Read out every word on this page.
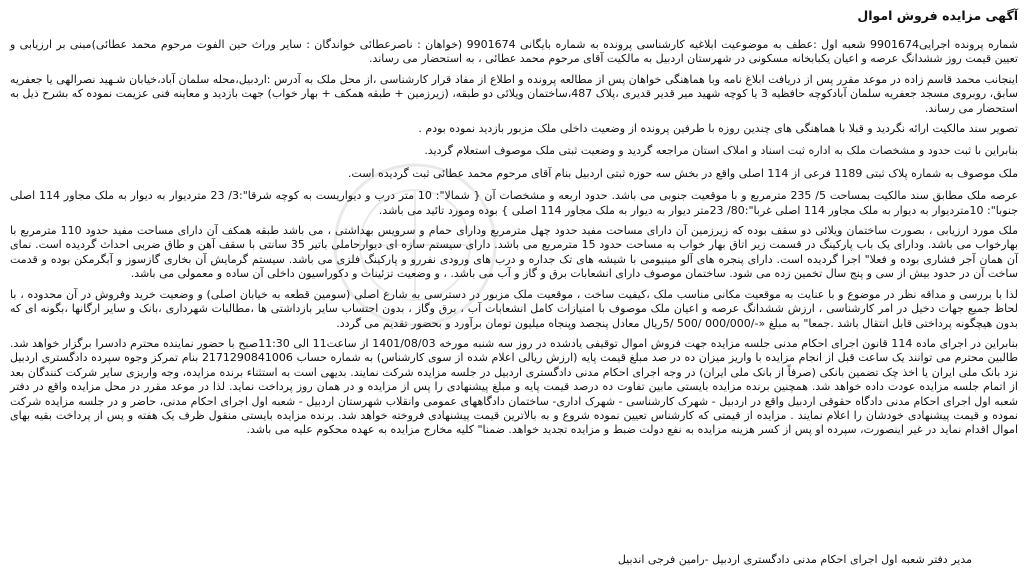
آگهی مزایده فروش اموال

شماره پرونده اجرایی9901674 شعبه اول :عطف به موضوعیت ابلاغیه کارشناسی پرونده به شماره بایگانی 9901674 (خواهان : ناصرعطائی خواندگان : سایر وراث حین الفوت مرحوم محمد عطائی)مبنی بر ارزیابی و تعیین قیمت روز ششدانگ عرصه و اعیان یکبابخانه مسکونی در شهرستان اردبیل به مالکیت آقای مرحوم محمد عطائی ، به استحضار می رساند.

اینجانب محمد قاسم زاده در موعد مقرر پس از دریافت ابلاغ نامه وبا هماهنگی خواهان پس از مطالعه پرونده و اطلاع از مفاد قرار کارشناسی ،از محل ملک به آدرس :اردبیل،محله سلمان آباد،خیابان شـهید نصرالهی یا جعفریه سابق، روبروی مسجد جعفریه سلمان آبادکوچه حافظیه 3 یا کوچه شهید میر قدیر قدیری ،پلاک 487،ساختمان ویلائی دو طبقه، (زیرزمین + طبقه همکف + بهار خواب) جهت بازدید و معاینه فنی عزیمت نموده که بشرح ذیل به استحضار می رساند.

تصویر سند مالکیت ارائه نگردید و قبلا با هماهنگی های چندین روزه با طرفین پرونده از وضعیت داخلی ملک مزبور بازدید نموده بودم .

بنابراین با ثبت حدود و مشخصات ملک به اداره ثبت اسناد و املاک استان مراجعه گردید و وضعیت ثبتی ملک موصوف استعلام گردید.

ملک موصوف به شماره پلاک ثبتی 1189 فرعی از 114 اصلی واقع در بخش سه حوزه ثبتی اردبیل بنام آقای مرحوم محمد عطائی ثبت گردیده است.

عرصه ملک مطابق سند مالکیت بمساحت 5/ 235 مترمربع و با موقعیت جنوبی می باشد. حدود اربعه و مشخصات آن { شمالا": 10 متر درب و دیواریست به کوچه شرقا":3/ 23 متردیوار به دیوار به ملک مجاور 114 اصلی جنوبا": 10مترديوار به ديوار به ملک مجاور 114 اصلی غربا":80/ 23متر دیوار به دیوار به ملک مجاور 114 اصلی } بوده ومورد تائید می باشد.

ملک مورد ارزیابی ، بصورت ساختمان ویلائی دو سقف بوده که زیرزمین آن دارای مساحت مفید حدود چهل مترمربع ودارای حمام و سرویس بهداشتی ، می باشد طبقه همکف آن دارای مساحت مفید حدود 110 مترمربع با بهارخواب می باشد. ودارای یک باب پارکینگ در قسمت زیر اتاق بهار خواب به مساحت حدود 15 مترمربع می باشد. دارای سیستم سازه ای دیوارحاملی باتیر 35 سانتی با سقف آهن و طاق ضربی احداث گردیده است. نمای آن همان آجر فشاری بوده و فعلا" اجرا گردیده است. دارای پنجره های آلو مینیومی با شیشه های تک جداره و درب های ورودی نفررو و پارکینگ فلزی می باشد. سیستم گرمایش آن بخاری گازسوز و آبگرمکن بوده و قدمت ساخت آن در حدود بیش از سی و پنج سال تخمین زده می شود. ساختمان موصوف دارای انشعابات برق و گاز و آب می باشد. ، و وضعیت تزئینات و دکوراسیون داخلی آن ساده و معمولی می باشد.

لذا با بررسی و مداقه نظر در موضوع و با عنایت به موقعیت مکانی مناسب ملک ،کیفیت ساخت ، موقعیت ملک مزبور در دسترسی به شارع اصلی (سومین قطعه به خیابان اصلی) و وضعیت خرید وفروش در آن محدوده ، با لحاظ جمیع جهات دخیل در امر کارشناسی ، ارزش ششدانگ عرصه و اعیان ملک موصوف با امتیازات کامل انشعابات آب ، برق وگاز ، بدون احتساب سایر بازداشتی ها ،مطالبات شهرداری ،بانک و سایر ارگانها ،بگونه ای که بدون هیچگونه پرداختی قابل انتقال باشد .جمعا" به مبلغ «-/000/000 /500 /5ریال معادل پنجصد وپنجاه میلیون تومان برآورد و بحضور تقدیم می گردد.

بنابراین در اجرای ماده 114 قانون اجرای احکام مدنی جلسه مزایده جهت فروش اموال توقیفی یادشده در روز سه شنبه مورخه 1401/08/03 از ساعت11 الی 11:30صبح با حضور نماینده محترم دادسرا برگزار خواهد شد. طالبین محترم می توانند یک ساعت قبل از انجام مزایده با واریز میزان ده در صد مبلغ قیمت پایه (ارزش ریالی اعلام شده از سوی کارشناس) به شماره حساب 2171290841006 بنام تمرکز وجوه سپرده دادگستری اردبیل نزد بانک ملی ایران یا اخذ چک تضمین بانکی (صرفاً از بانک ملی ایران) در وجه اجرای احکام مدنی دادگستری اردبیل در جلسه مزایده شرکت نمایند. بدیهی است به استثناء برنده مزایده، وجه واریزی سایر شرکت کنندگان بعد از اتمام جلسه مزایده عودت داده خواهد شد. همچنین برنده مزایده بایستی مابین تفاوت ده درصد قیمت پایه و مبلغ پیشنهادی را پس از مزایده و در همان روز پرداخت نماید. لذا در موعد مقرر در محل مزایده واقع در دفتر شعبه اول اجرای احکام مدنی دادگاه حقوقی اردبیل واقع در اردبیل - شهرک کارشناسی - شهرک اداری- ساختمان دادگاههای عمومی وانقلاب شهرستان اردبیل - شعبه اول اجرای احکام مدنی، حاضر و در جلسه مزایده شرکت نموده و قیمت پیشنهادی خودشان را اعلام نمایند . مزایده از قیمتی که کارشناس تعیین نموده شروع و به بالاترین قیمت پیشنهادی فروخته خواهد شد. برنده مزایده بایستی منقول ظرف یک هفته و پس از پرداخت بقیه بهای اموال اقدام نماید در غیر اینصورت، سپرده او پس از کسر هزینه مزایده به نفع دولت ضبط و مزایده تجدید خواهد. ضمنا" کلیه مخارج مزایده به عهده محکوم علیه می باشد.

مدیر دفتر شعبه اول اجرای احکام مدنی دادگستری اردبیل -رامین فرجی اندبیل
